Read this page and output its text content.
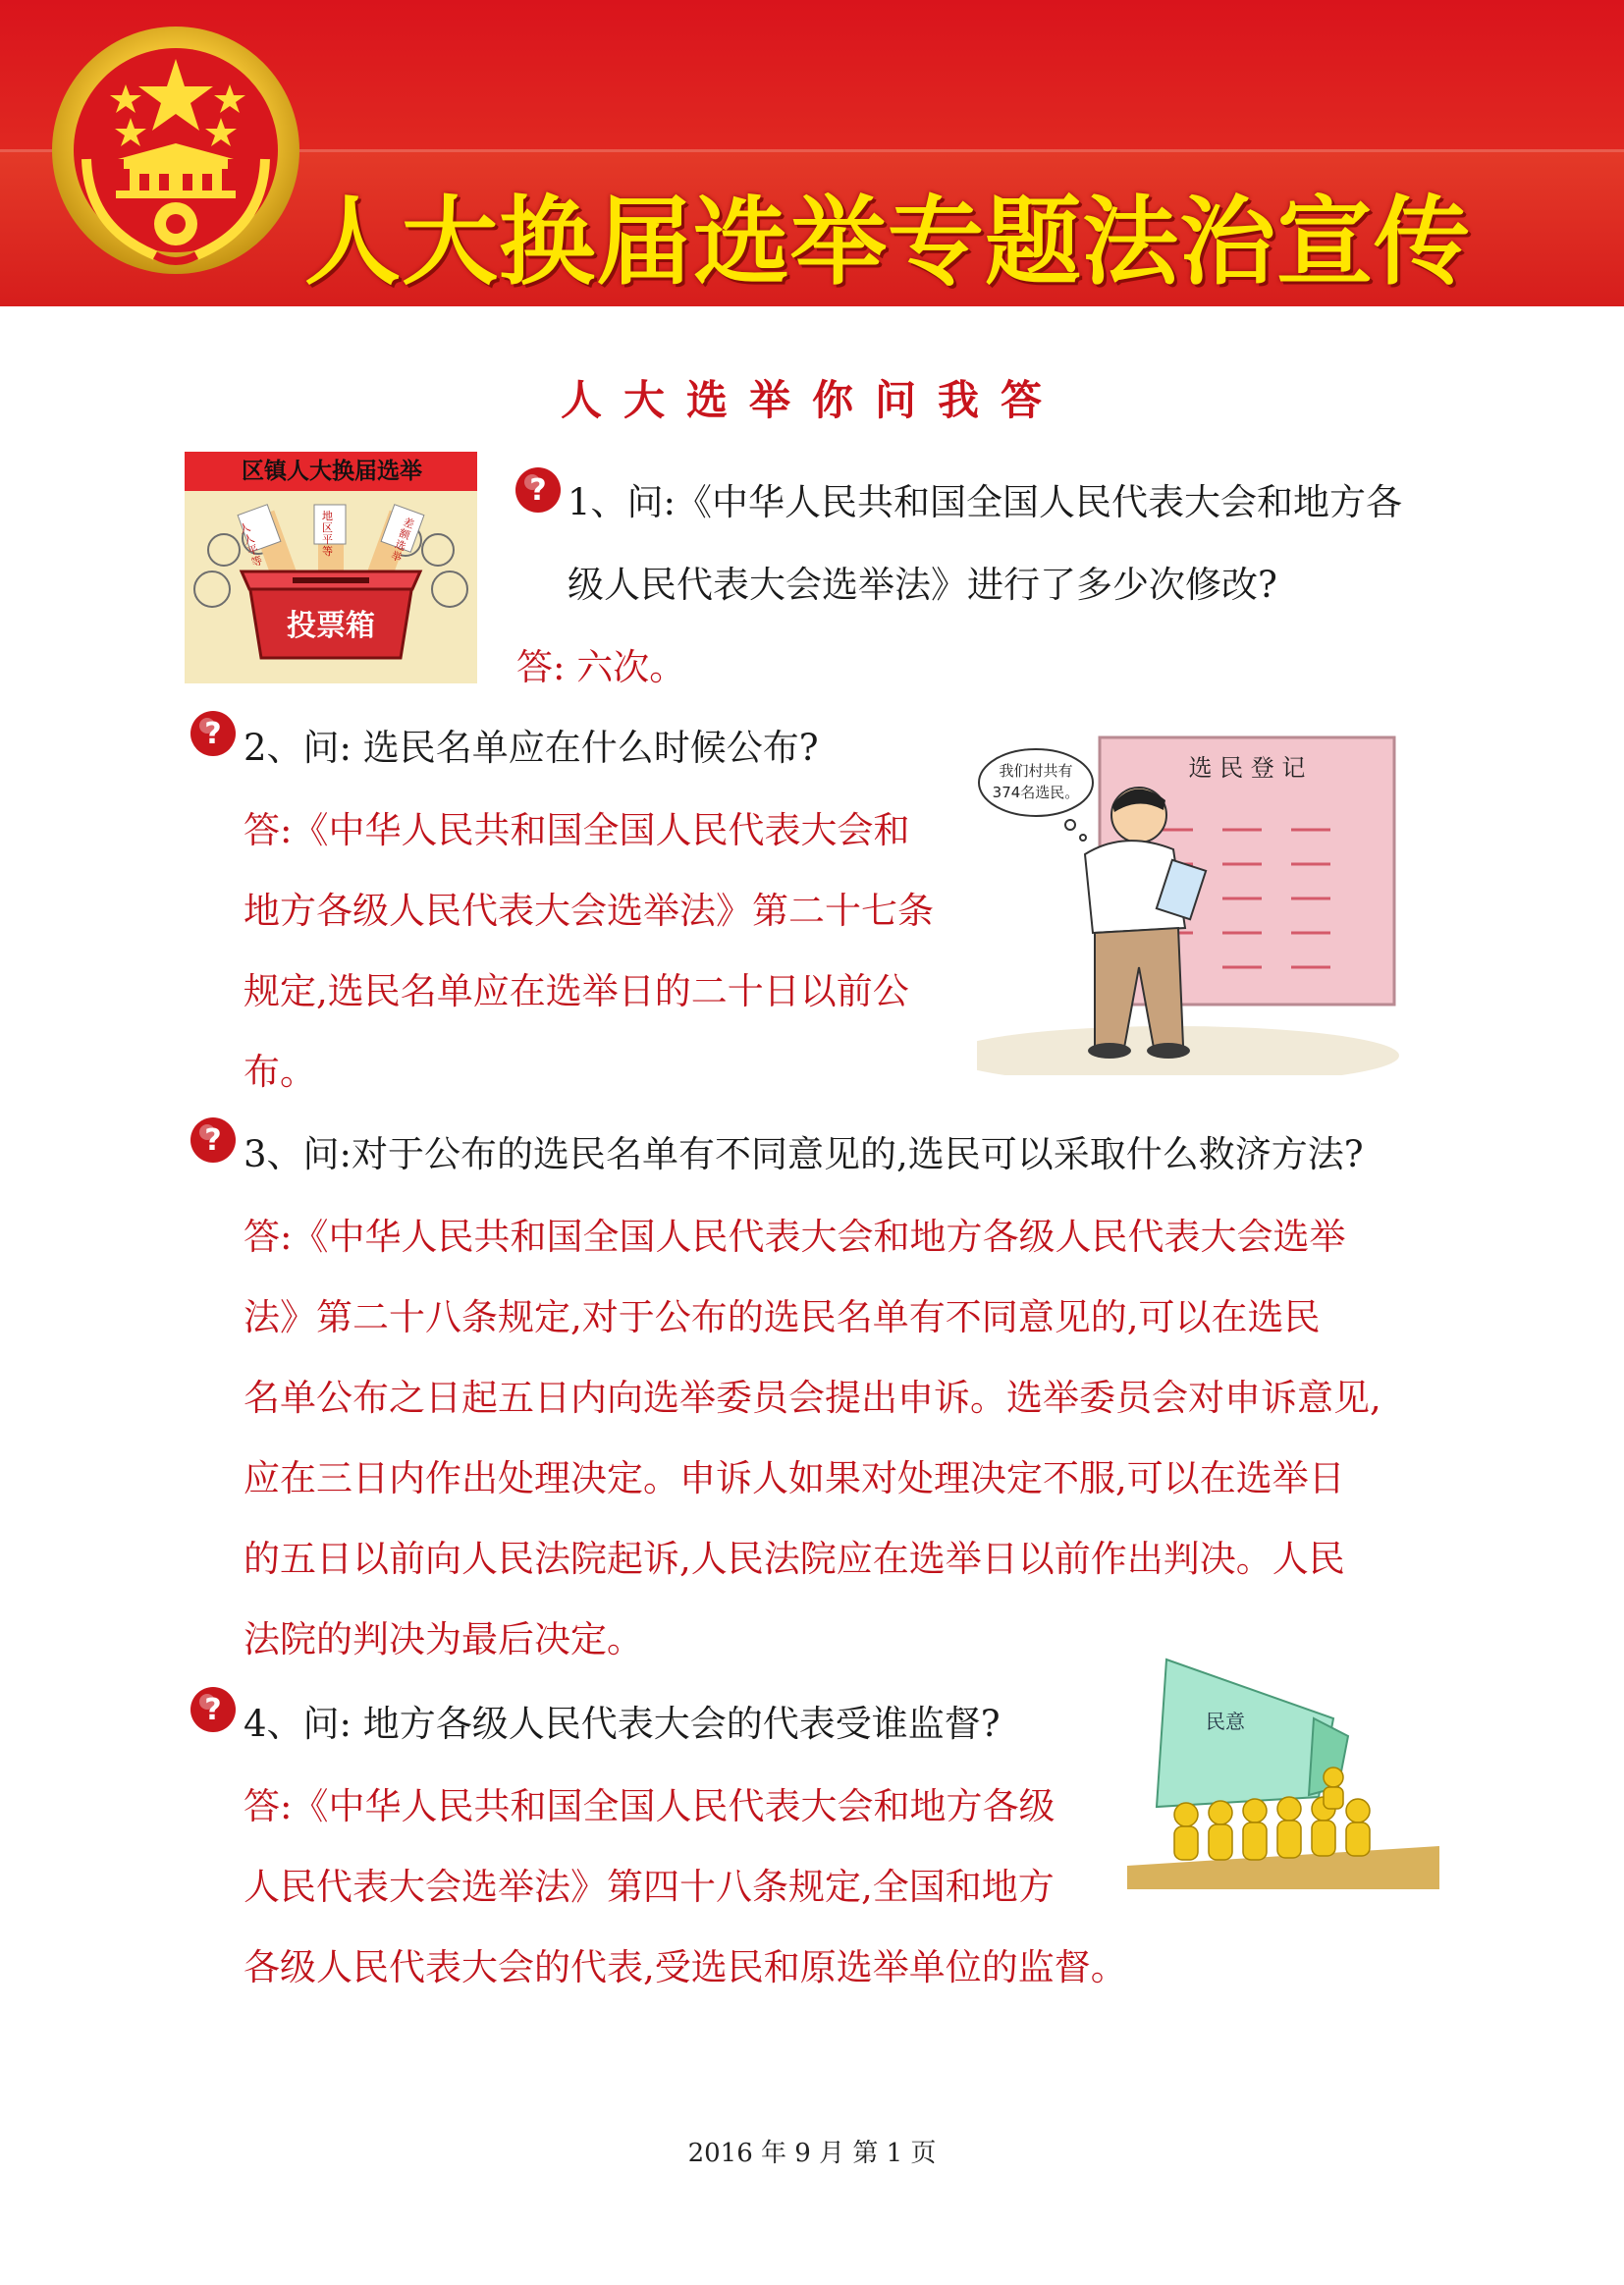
人大换届选举专题法治宣传
人大选举你问我答
区镇人大换届选举
人人平等
地区平等
差额选举
投票箱
? 1、问:《中华人民共和国全国人民代表大会和地方各
级人民代表大会选举法》进行了多少次修改?
答: 六次。
? 2、问: 选民名单应在什么时候公布?
答:《中华人民共和国全国人民代表大会和
地方各级人民代表大会选举法》第二十七条
规定,选民名单应在选举日的二十日以前公
布。
选 民 登 记
我们村共有
374名选民。
? 3、问:对于公布的选民名单有不同意见的,选民可以采取什么救济方法?
答:《中华人民共和国全国人民代表大会和地方各级人民代表大会选举
法》第二十八条规定,对于公布的选民名单有不同意见的,可以在选民
名单公布之日起五日内向选举委员会提出申诉。选举委员会对申诉意见,
应在三日内作出处理决定。申诉人如果对处理决定不服,可以在选举日
的五日以前向人民法院起诉,人民法院应在选举日以前作出判决。人民
法院的判决为最后决定。
? 4、问: 地方各级人民代表大会的代表受谁监督?
答:《中华人民共和国全国人民代表大会和地方各级
人民代表大会选举法》第四十八条规定,全国和地方
各级人民代表大会的代表,受选民和原选举单位的监督。
民意
2016 年 9 月 第 1 页
